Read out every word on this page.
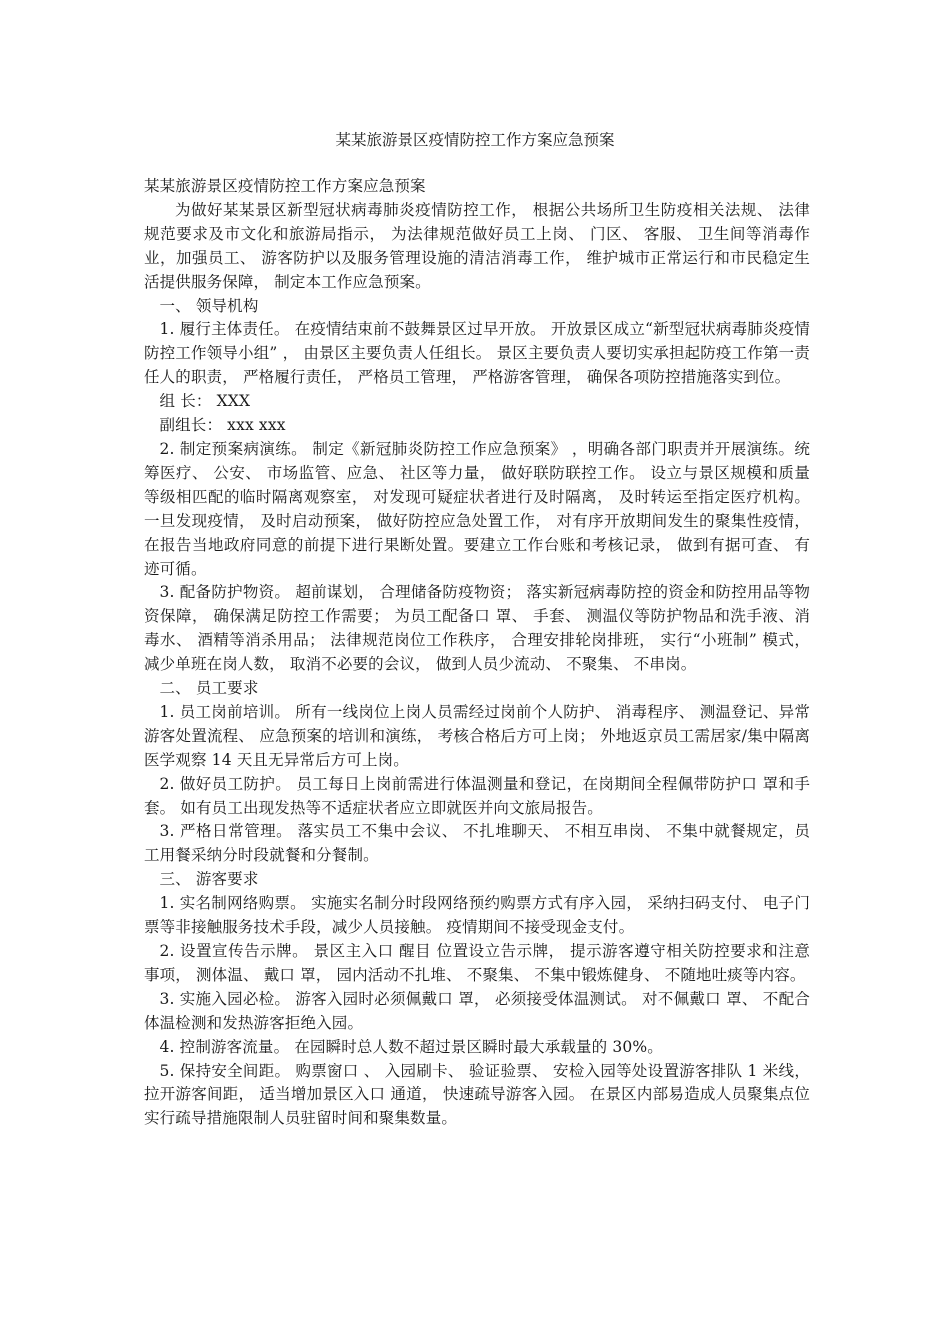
某某旅游景区疫情防控工作方案应急预案

某某旅游景区疫情防控工作方案应急预案

为做好某某景区新型冠状病毒肺炎疫情防控工作， 根据公共场所卫生防疫相关法规、 法律规范要求及市文化和旅游局指示， 为法律规范做好员工上岗、 门区、 客服、 卫生间等消毒作业，加强员工、 游客防护以及服务管理设施的清洁消毒工作， 维护城市正常运行和市民稳定生活提供服务保障， 制定本工作应急预案。

一、 领导机构

1. 履行主体责任。 在疫情结束前不鼓舞景区过早开放。 开放景区成立“新型冠状病毒肺炎疫情防控工作领导小组” ， 由景区主要负责人任组长。 景区主要负责人要切实承担起防疫工作第一责任人的职责， 严格履行责任， 严格员工管理， 严格游客管理， 确保各项防控措施落实到位。

组 长： XXX

副组长： xxx xxx

2. 制定预案病演练。 制定《新冠肺炎防控工作应急预案》 ，明确各部门职责并开展演练。统筹医疗、 公安、 市场监管、应急、 社区等力量， 做好联防联控工作。 设立与景区规模和质量等级相匹配的临时隔离观察室， 对发现可疑症状者进行及时隔离， 及时转运至指定医疗机构。 一旦发现疫情， 及时启动预案， 做好防控应急处置工作， 对有序开放期间发生的聚集性疫情， 在报告当地政府同意的前提下进行果断处置。要建立工作台账和考核记录， 做到有据可查、 有迹可循。

3. 配备防护物资。 超前谋划， 合理储备防疫物资； 落实新冠病毒防控的资金和防控用品等物资保障， 确保满足防控工作需要； 为员工配备口 罩、 手套、 测温仪等防护物品和洗手液、消毒水、 酒精等消杀用品； 法律规范岗位工作秩序， 合理安排轮岗排班， 实行“小班制” 模式， 减少单班在岗人数， 取消不必要的会议， 做到人员少流动、 不聚集、 不串岗。

二、 员工要求

1. 员工岗前培训。 所有一线岗位上岗人员需经过岗前个人防护、 消毒程序、 测温登记、异常游客处置流程、 应急预案的培训和演练， 考核合格后方可上岗； 外地返京员工需居家/集中隔离医学观察 14 天且无异常后方可上岗。

2. 做好员工防护。 员工每日上岗前需进行体温测量和登记，在岗期间全程佩带防护口 罩和手套。 如有员工出现发热等不适症状者应立即就医并向文旅局报告。

3. 严格日常管理。 落实员工不集中会议、 不扎堆聊天、 不相互串岗、 不集中就餐规定，员工用餐采纳分时段就餐和分餐制。

三、 游客要求

1. 实名制网络购票。 实施实名制分时段网络预约购票方式有序入园， 采纳扫码支付、 电子门票等非接触服务技术手段，减少人员接触。 疫情期间不接受现金支付。

2. 设置宣传告示牌。 景区主入口 醒目 位置设立告示牌， 提示游客遵守相关防控要求和注意事项， 测体温、 戴口 罩， 园内活动不扎堆、 不聚集、 不集中锻炼健身、 不随地吐痰等内容。

3. 实施入园必检。 游客入园时必须佩戴口 罩， 必须接受体温测试。 对不佩戴口 罩、 不配合体温检测和发热游客拒绝入园。

4. 控制游客流量。 在园瞬时总人数不超过景区瞬时最大承载量的 30%。

5. 保持安全间距。 购票窗口 、 入园刷卡、 验证验票、 安检入园等处设置游客排队 1 米线， 拉开游客间距， 适当增加景区入口 通道， 快速疏导游客入园。 在景区内部易造成人员聚集点位实行疏导措施限制人员驻留时间和聚集数量。
